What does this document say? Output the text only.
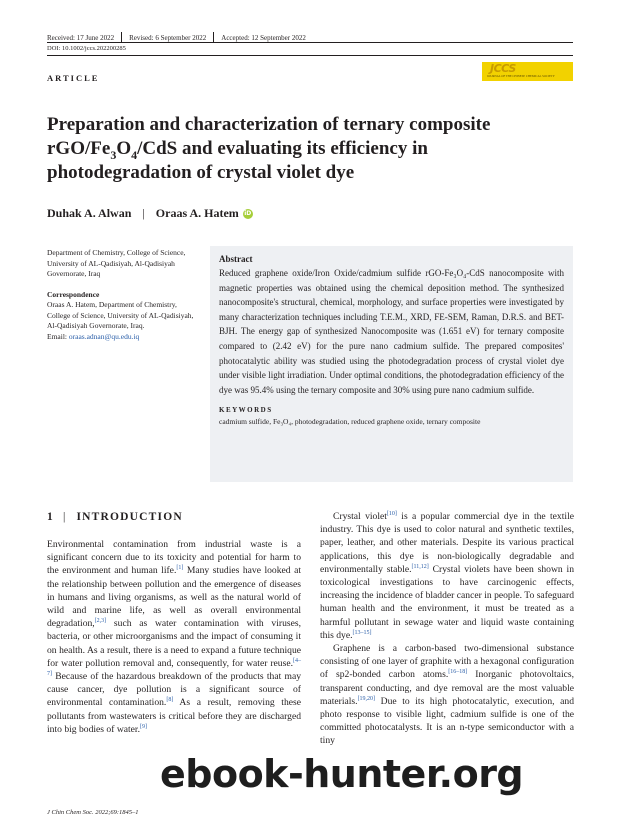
Received: 17 June 2022 Revised: 6 September 2022 Accepted: 12 September 2022
DOI: 10.1002/jccs.202200285
ARTICLE
JCCS
JOURNAL OF THE CHINESE CHEMICAL SOCIETY
Preparation and characterization of ternary composite
rGO/$Fe_3O_4$/CdS and evaluating its efficiency in
photodegradation of crystal violet dye
Duhak A. Alwan | Oraas A. Hatem iD

Department of Chemistry, College of Science, University of AL-Qadisiyah, Al-Qadisiyah Governorate, Iraq

Correspondence

Oraas A. Hatem, Department of Chemistry, College of Science, University of AL-Qadisiyah, Al-Qadisiyah Governorate, Iraq.

Email: oraas.adnan@qu.edu.iq

Abstract
Reduced graphene oxide/Iron Oxide/cadmium sulfide rGO-Fe₃O₄-CdS nanocomposite with magnetic properties was obtained using the chemical deposition method. The synthesized nanocomposite's structural, chemical, morphology, and surface properties were investigated by many characterization techniques including T.E.M., XRD, FE-SEM, Raman, D.R.S. and BET-BJH. The energy gap of synthesized Nanocomposite was (1.651 eV) for ternary composite compared to (2.42 eV) for the pure nano cadmium sulfide. The prepared composites' photocatalytic ability was studied using the photodegradation process of crystal violet dye under visible light irradiation. Under optimal conditions, the photodegradation efficiency of the dye was 95.4% using the ternary composite and 30% using pure nano cadmium sulfide.
KEYWORDS
cadmium sulfide, Fe₃O₄, photodegradation, reduced graphene oxide, ternary composite
1 | INTRODUCTION

Environmental contamination from industrial waste is a significant concern due to its toxicity and potential for harm to the environment and human life.[1] Many studies have looked at the relationship between pollution and the emergence of diseases in humans and living organisms, as well as the natural world of wild and marine life, as well as overall environmental degradation,[2,3] such as water contamination with viruses, bacteria, or other microorganisms and the impact of consuming it on health. As a result, there is a need to expand a future technique for water pollution removal and, consequently, for water reuse.[4–7] Because of the hazardous breakdown of the products that may cause cancer, dye pollution is a significant source of environmental contamination.[8] As a result, removing these pollutants from wastewaters is critical before they are discharged into big bodies of water.[9]

Crystal violet[10] is a popular commercial dye in the textile industry. This dye is used to color natural and synthetic textiles, paper, leather, and other materials. Despite its various practical applications, this dye is non-biologically degradable and environmentally stable.[11,12] Crystal violets have been shown in toxicological investigations to have carcinogenic effects, increasing the incidence of bladder cancer in people. To safeguard human health and the environment, it must be treated as a harmful pollutant in sewage water and liquid waste containing this dye.[13–15]

Graphene is a carbon-based two-dimensional substance consisting of one layer of graphite with a hexagonal configuration of sp2-bonded carbon atoms.[16–18] Inorganic photovoltaics, transparent conducting, and dye removal are the most valuable materials.[19,20] Due to its high photocatalytic, execution, and photo response to visible light, cadmium sulfide is one of the committed photocatalysts. It is an n-type semiconductor with a tiny

J Chin Chem Soc. 2022;69:1845–1
ebook-hunter.org
